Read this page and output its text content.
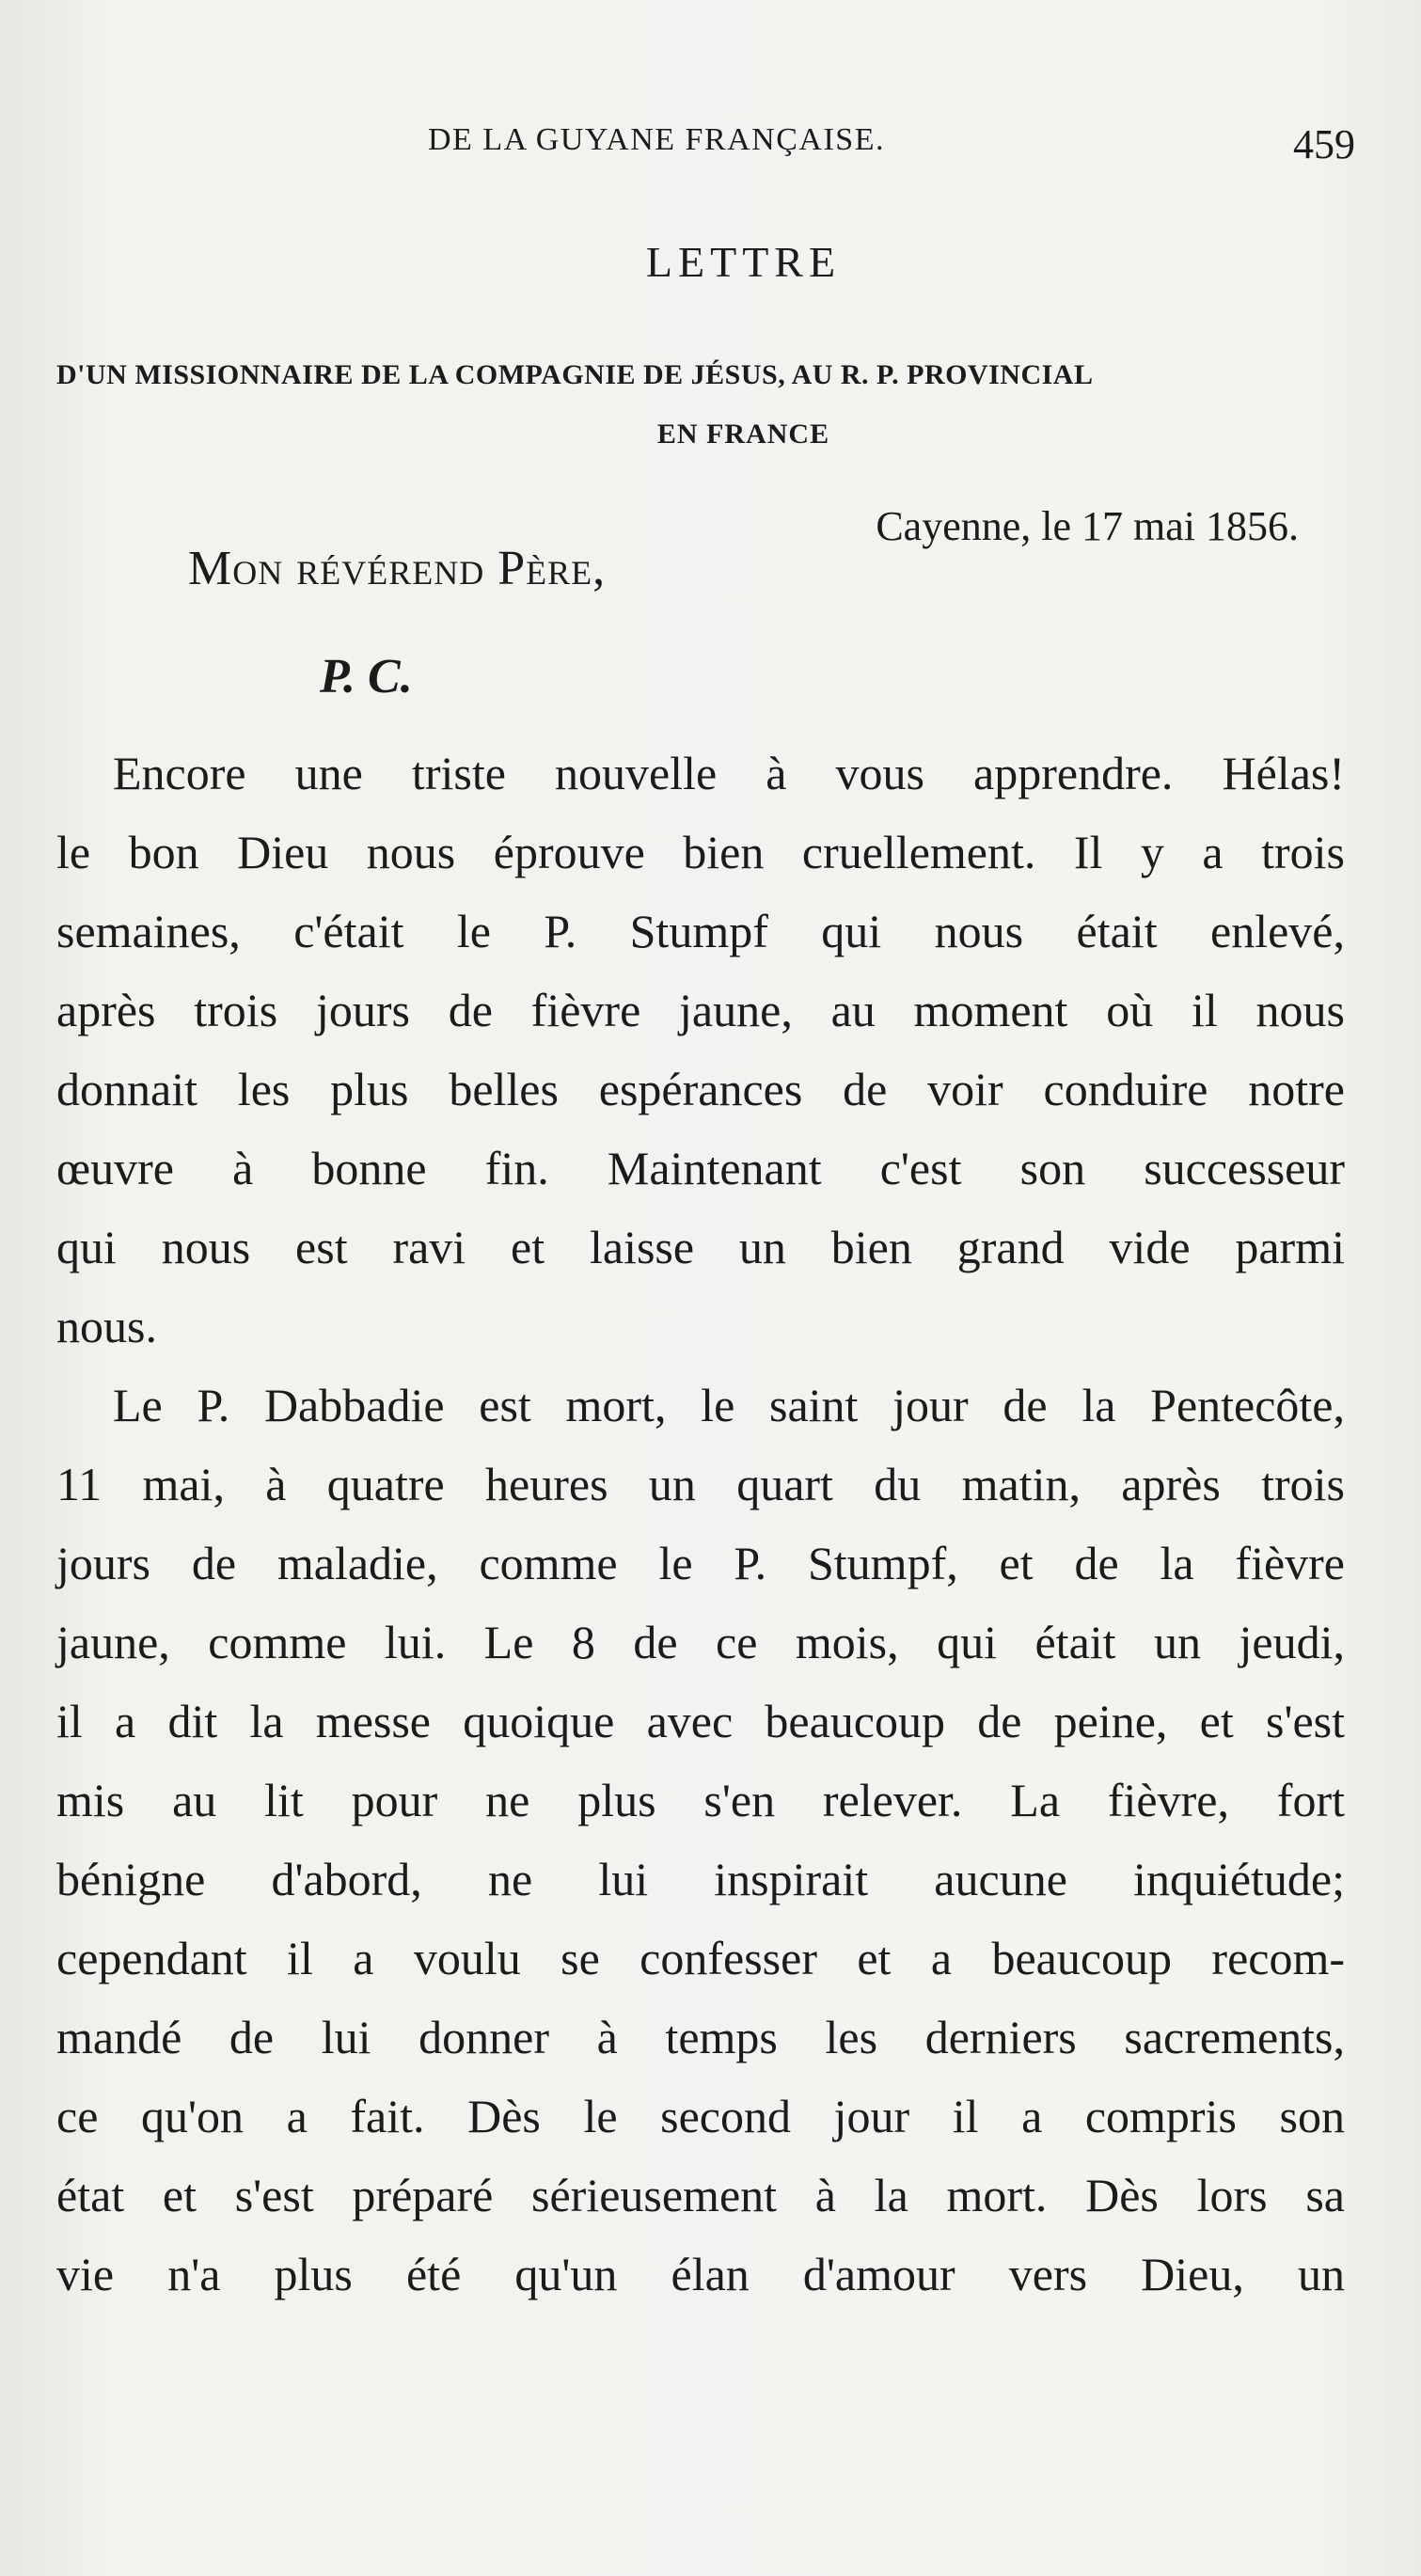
DE LA GUYANE FRANÇAISE.	459
LETTRE
D'UN MISSIONNAIRE DE LA COMPAGNIE DE JÉSUS, AU R. P. PROVINCIAL
EN FRANCE
Cayenne, le 17 mai 1856.
Mon révérend Père,
P. C.
Encore une triste nouvelle à vous apprendre. Hélas!
le bon Dieu nous éprouve bien cruellement. Il y a trois
semaines, c'était le P. Stumpf qui nous était enlevé,
après trois jours de fièvre jaune, au moment où il nous
donnait les plus belles espérances de voir conduire notre
œuvre à bonne fin. Maintenant c'est son successeur
qui nous est ravi et laisse un bien grand vide parmi
nous.
Le P. Dabbadie est mort, le saint jour de la Pentecôte,
11 mai, à quatre heures un quart du matin, après trois
jours de maladie, comme le P. Stumpf, et de la fièvre
jaune, comme lui. Le 8 de ce mois, qui était un jeudi,
il a dit la messe quoique avec beaucoup de peine, et s'est
mis au lit pour ne plus s'en relever. La fièvre, fort
bénigne d'abord, ne lui inspirait aucune inquiétude;
cependant il a voulu se confesser et a beaucoup recom-
mandé de lui donner à temps les derniers sacrements,
ce qu'on a fait. Dès le second jour il a compris son
état et s'est préparé sérieusement à la mort. Dès lors sa
vie n'a plus été qu'un élan d'amour vers Dieu, un
